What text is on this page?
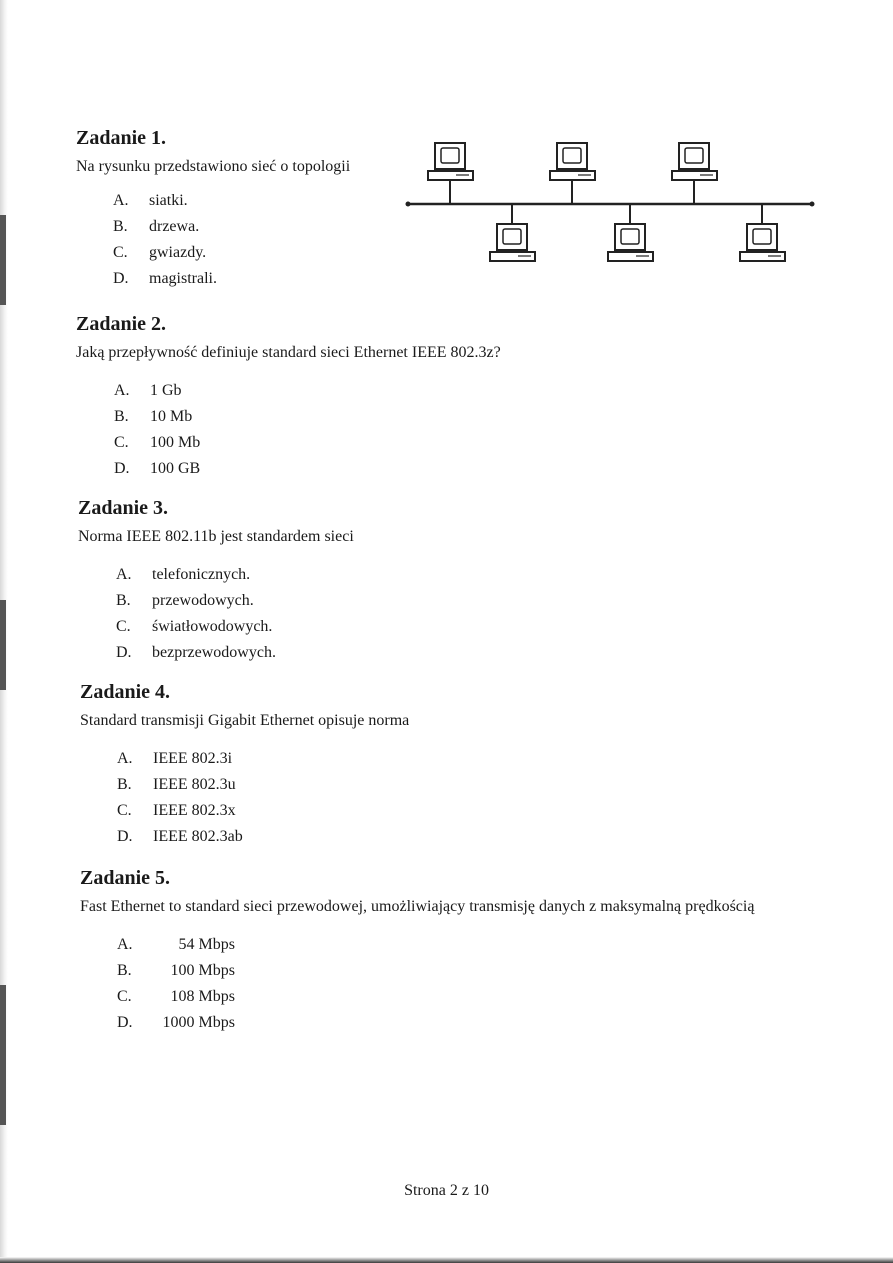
Zadanie 1.

Na rysunku przedstawiono sieć o topologii

A.	siatki.
B.	drzewa.
C.	gwiazdy.
D.	magistrali.
Zadanie 2.

Jaką przepływność definiuje standard sieci Ethernet IEEE 802.3z?

A.	1 Gb
B.	10 Mb
C.	100 Mb
D.	100 GB
Zadanie 3.

Norma IEEE 802.11b jest standardem sieci

A.	telefonicznych.
B.	przewodowych.
C.	światłowodowych.
D.	bezprzewodowych.
Zadanie 4.

Standard transmisji Gigabit Ethernet opisuje norma

A.	IEEE 802.3i
B.	IEEE 802.3u
C.	IEEE 802.3x
D.	IEEE 802.3ab
Zadanie 5.

Fast Ethernet to standard sieci przewodowej, umożliwiający transmisję danych z maksymalną prędkością

A.	54 Mbps
B.	100 Mbps
C.	108 Mbps
D.	1000 Mbps
Strona 2 z 10
